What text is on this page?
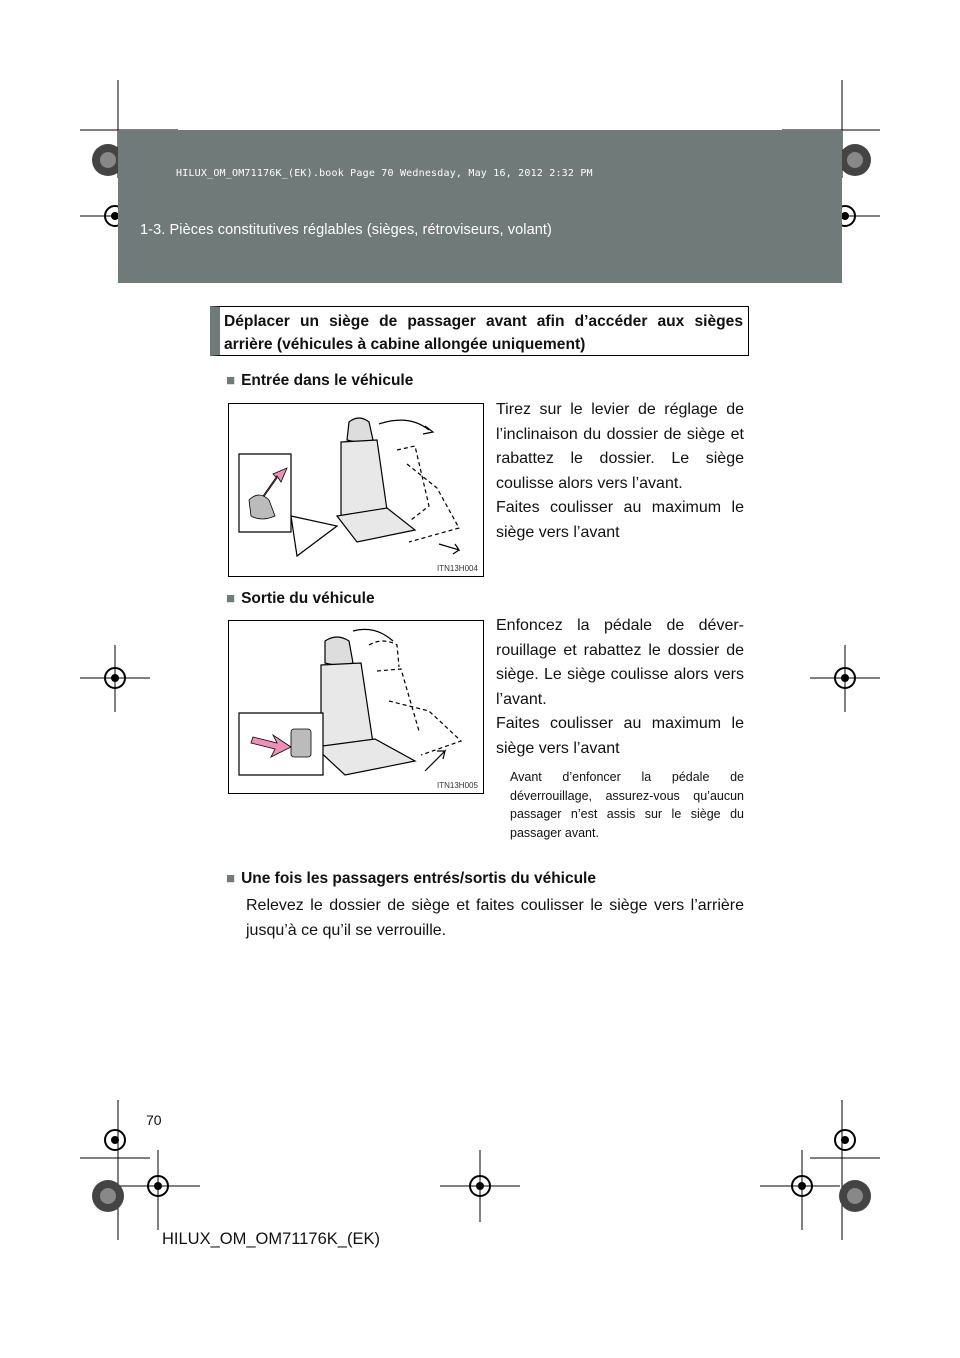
HILUX_OM_OM71176K_(EK).book Page 70 Wednesday, May 16, 2012 2:32 PM
1-3. Pièces constitutives réglables (sièges, rétroviseurs, volant)
Déplacer un siège de passager avant afin d’accéder aux sièges arrière (véhicules à cabine allongée uniquement)
■ Entrée dans le véhicule
ITN13H004
Tirez sur le levier de réglage de l’inclinaison du dossier de siège et rabattez le dossier. Le siège coulisse alors vers l’avant.
Faites coulisser au maximum le siège vers l’avant
■ Sortie du véhicule
ITN13H005
Enfoncez la pédale de déver-rouillage et rabattez le dossier de siège. Le siège coulisse alors vers l’avant.
Faites coulisser au maximum le siège vers l’avant
Avant d’enfoncer la pédale de déverrouillage, assurez-vous qu’aucun passager n’est assis sur le siège du passager avant.
■ Une fois les passagers entrés/sortis du véhicule
Relevez le dossier de siège et faites coulisser le siège vers l’arrière jusqu’à ce qu’il se verrouille.
70
HILUX_OM_OM71176K_(EK)
